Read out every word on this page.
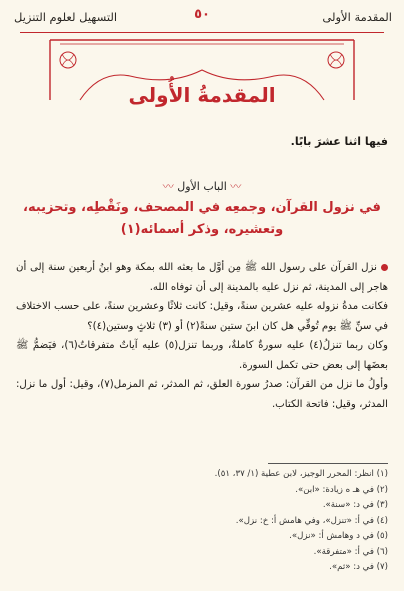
المقدمة الأولى
٥٠
التسهيل لعلوم التنزيل
المقدمةُ الأُولى
فيها اثنا عشرَ بابًا.
〰 الباب الأول 〰
في نزول القرآن، وجمعِه في المصحف، ونَقْطِه، وتحزيبه، وتعشيره، وذكر أسمائه(١)

نزل القرآن على رسول الله ﷺ مِن أوَّل ما بعثه الله بمكة وهو ابنُ أربعين سنة إلى أن هاجر إلى المدينة، ثم نزل عليه بالمدينة إلى أن توفاه الله.

فكانت مدةُ نزوله عليه عشرين سنةً، وقيل: كانت ثلاثًا وعشرين سنةً، على حسب الاختلاف في سنِّ ﷺ يوم تُوفِّي هل كان ابنَ ستين سنةً(٢) أو (٣) ثلاثٍ وستين(٤)؟

وكان ربما تنزلُ(٤) عليه سورةٌ كاملةٌ، وربما تنزل(٥) عليه آياتٌ متفرقاتٌ(٦)، فيَضمُّ ﷺ بعضَها إلى بعض حتى تكمل السورة.

وأولُ ما نزل من القرآن: صدرُ سورة العلق، ثم المدثر، ثم المزمل(٧)، وقيل: أول ما نزل: المدثر، وقيل: فاتحة الكتاب.

(١) انظر: المحرر الوجيز، لابن عطية (١/ ٣٧، ٥١).
(٢) في هـ ه زيادة: «ابن».
(٣) في د: «سنة».
(٤) في أ: «تنزل»، وفي هامش أ: خ: نزل».
(٥) في د وهامش أ: «نزل».
(٦) في أ: «متفرقة».
(٧) في د: «ثم».
